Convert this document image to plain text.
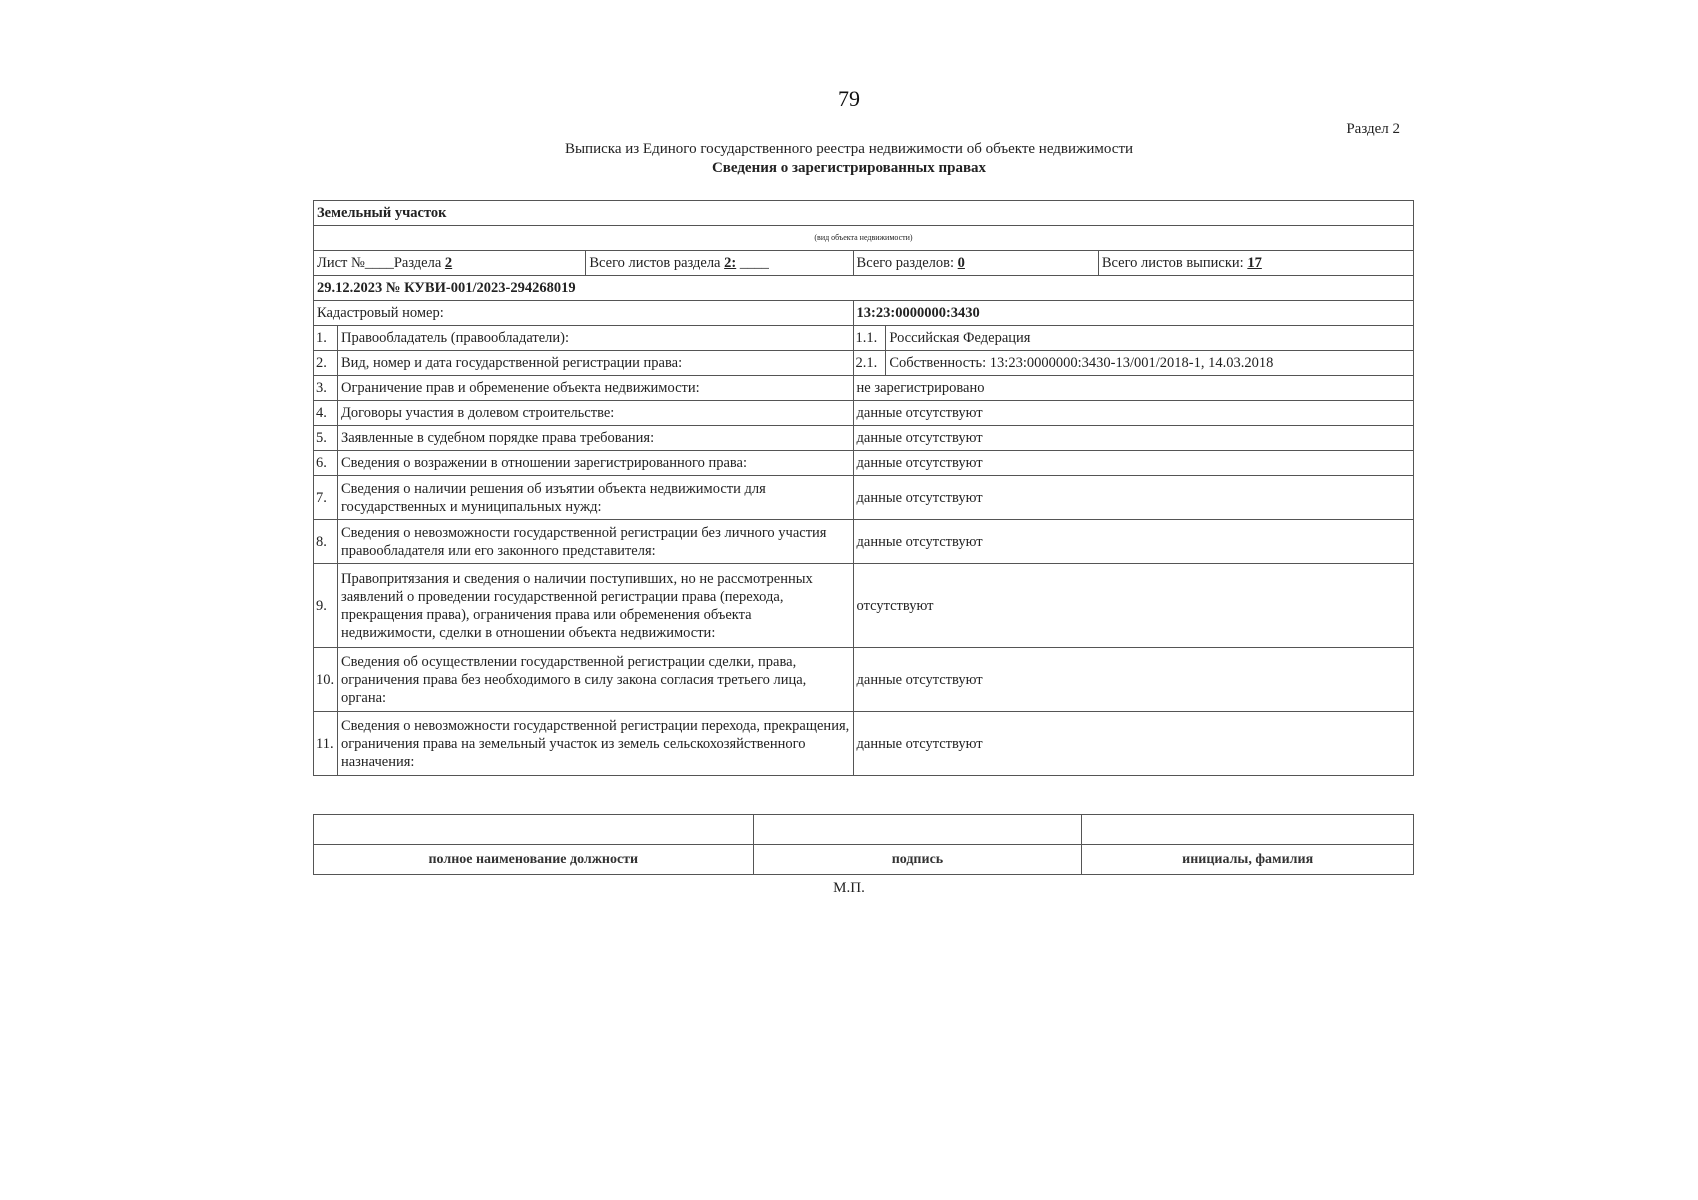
79
Раздел 2
Выписка из Единого государственного реестра недвижимости об объекте недвижимости
Сведения о зарегистрированных правах
Земельный участок					
(вид объекта недвижимости)					
Лист №____Раздела 2		Всего листов раздела 2: ____	Всего разделов: 0		Всего листов выписки: 17
29.12.2023 № КУВИ-001/2023-294268019					
Кадастровый номер:			13:23:0000000:3430		
1.	Правообладатель (правообладатели):		1.1.	Российская Федерация	
2.	Вид, номер и дата государственной регистрации права:		2.1.	Собственность: 13:23:0000000:3430-13/001/2018-1, 14.03.2018	
3.	Ограничение прав и обременение объекта недвижимости:		не зарегистрировано		
4.	Договоры участия в долевом строительстве:		данные отсутствуют		
5.	Заявленные в судебном порядке права требования:		данные отсутствуют		
6.	Сведения о возражении в отношении зарегистрированного права:		данные отсутствуют		
7.	Сведения о наличии решения об изъятии объекта недвижимости для государственных и муниципальных нужд:		данные отсутствуют		
8.	Сведения о невозможности государственной регистрации без личного участия правообладателя или его законного представителя:		данные отсутствуют		
9.	Правопритязания и сведения о наличии поступивших, но не рассмотренных заявлений о проведении государственной регистрации права (перехода, прекращения права), ограничения права или обременения объекта недвижимости, сделки в отношении объекта недвижимости:		отсутствуют		
10.	Сведения об осуществлении государственной регистрации сделки, права, ограничения права без необходимого в силу закона согласия третьего лица, органа:		данные отсутствуют		
11.	Сведения о невозможности государственной регистрации перехода, прекращения, ограничения права на земельный участок из земель сельскохозяйственного назначения:		данные отсутствуют		

полное наименование должности	подпись	инициалы, фамилия
М.П.
